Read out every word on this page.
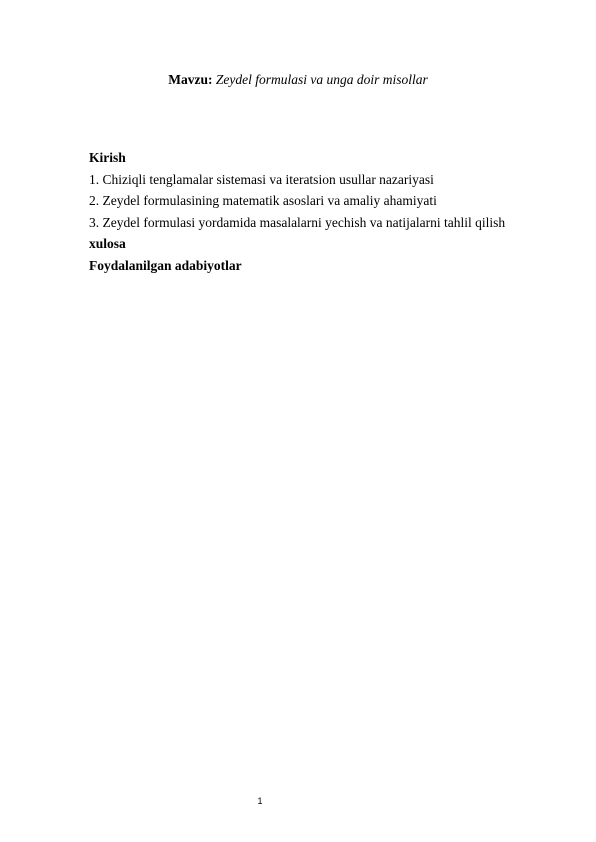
Mavzu: Zeydel formulasi va unga doir misollar
Kirish
1. Chiziqli tenglamalar sistemasi va iteratsion usullar nazariyasi
2. Zeydel formulasining matematik asoslari va amaliy ahamiyati
3. Zeydel formulasi yordamida masalalarni yechish va natijalarni tahlil qilish
xulosa
Foydalanilgan adabiyotlar
1
